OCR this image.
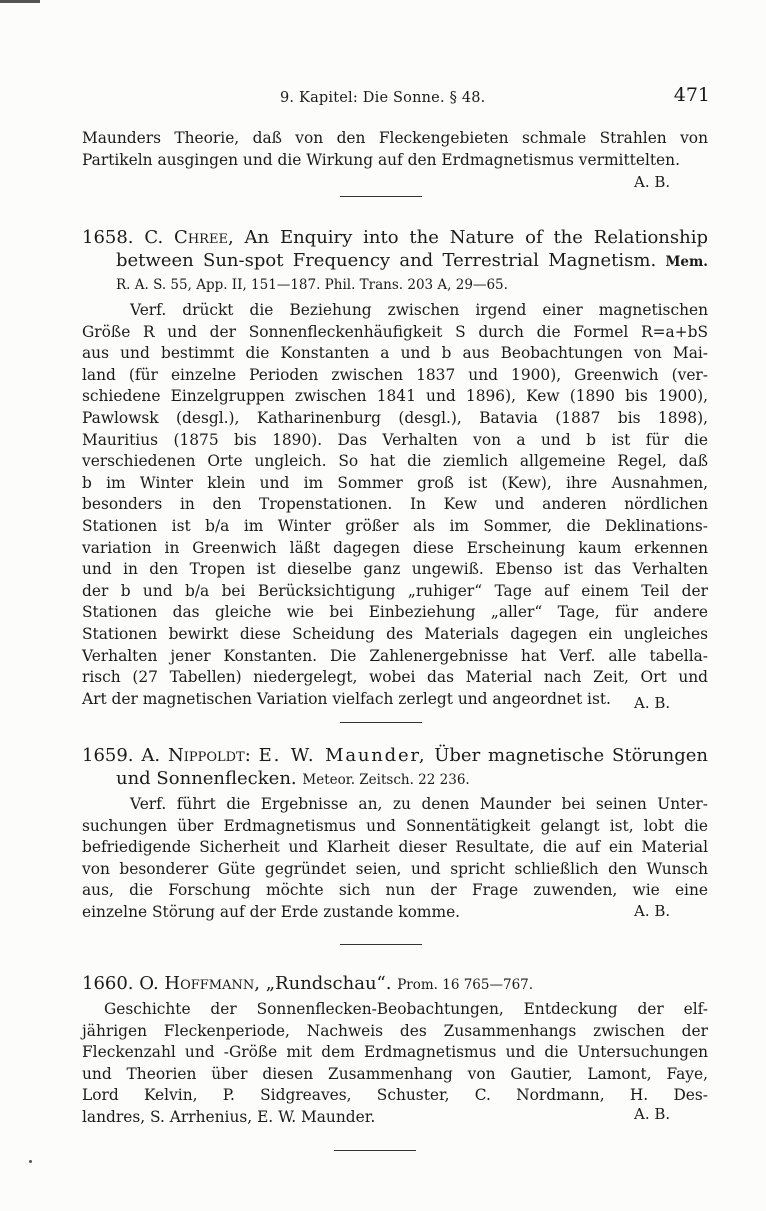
9. Kapitel: Die Sonne. § 48.	471
Maunders Theorie, daß von den Fleckengebieten schmale Strahlen von
Partikeln ausgingen und die Wirkung auf den Erdmagnetismus vermittelten.
A. B.
1658. C. Chree, An Enquiry into the Nature of the Relationship
between Sun-spot Frequency and Terrestrial Magnetism. Mem.
R. A. S. 55, App. II, 151—187. Phil. Trans. 203 A, 29—65.
Verf. drückt die Beziehung zwischen irgend einer magnetischen
Größe R und der Sonnenfleckenhäufigkeit S durch die Formel R=a+bS
aus und bestimmt die Konstanten a und b aus Beobachtungen von Mai-
land (für einzelne Perioden zwischen 1837 und 1900), Greenwich (ver-
schiedene Einzelgruppen zwischen 1841 und 1896), Kew (1890 bis 1900),
Pawlowsk (desgl.), Katharinenburg (desgl.), Batavia (1887 bis 1898),
Mauritius (1875 bis 1890). Das Verhalten von a und b ist für die
verschiedenen Orte ungleich. So hat die ziemlich allgemeine Regel, daß
b im Winter klein und im Sommer groß ist (Kew), ihre Ausnahmen,
besonders in den Tropenstationen. In Kew und anderen nördlichen
Stationen ist b/a im Winter größer als im Sommer, die Deklinations-
variation in Greenwich läßt dagegen diese Erscheinung kaum erkennen
und in den Tropen ist dieselbe ganz ungewiß. Ebenso ist das Verhalten
der b und b/a bei Berücksichtigung „ruhiger“ Tage auf einem Teil der
Stationen das gleiche wie bei Einbeziehung „aller“ Tage, für andere
Stationen bewirkt diese Scheidung des Materials dagegen ein ungleiches
Verhalten jener Konstanten. Die Zahlenergebnisse hat Verf. alle tabella-
risch (27 Tabellen) niedergelegt, wobei das Material nach Zeit, Ort und
Art der magnetischen Variation vielfach zerlegt und angeordnet ist.	A. B.
1659. A. Nippoldt: E. W. Maunder, Über magnetische Störungen
und Sonnenflecken. Meteor. Zeitsch. 22 236.
Verf. führt die Ergebnisse an, zu denen Maunder bei seinen Unter-
suchungen über Erdmagnetismus und Sonnentätigkeit gelangt ist, lobt die
befriedigende Sicherheit und Klarheit dieser Resultate, die auf ein Material
von besonderer Güte gegründet seien, und spricht schließlich den Wunsch
aus, die Forschung möchte sich nun der Frage zuwenden, wie eine
einzelne Störung auf der Erde zustande komme.	A. B.
1660. O. Hoffmann, „Rundschau“. Prom. 16 765—767.
Geschichte der Sonnenflecken-Beobachtungen, Entdeckung der elf-
jährigen Fleckenperiode, Nachweis des Zusammenhangs zwischen der
Fleckenzahl und -Größe mit dem Erdmagnetismus und die Untersuchungen
und Theorien über diesen Zusammenhang von Gautier, Lamont, Faye,
Lord Kelvin, P. Sidgreaves, Schuster, C. Nordmann, H. Des-
landres, S. Arrhenius, E. W. Maunder.	A. B.
